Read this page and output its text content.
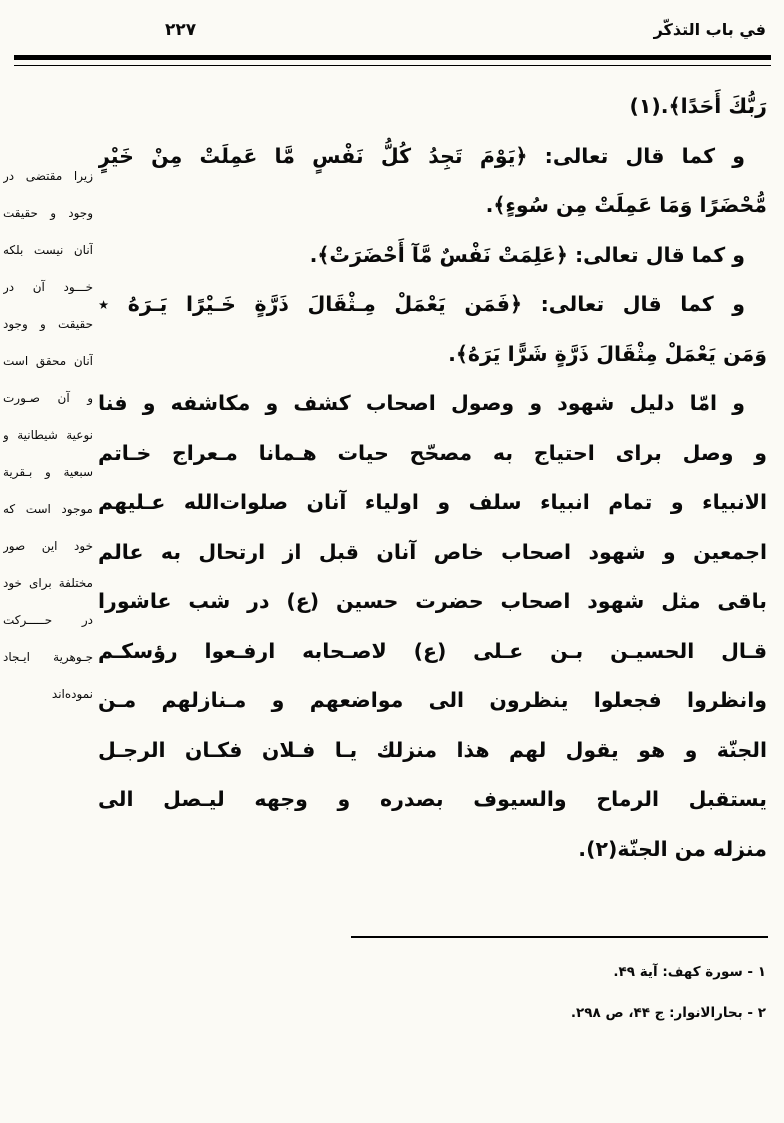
في باب التذكّر
۲۲۷
زيرا مقتضى در
وجود و حقيقت
آنان نيست بلكه
خـــود آن در
حقيقت و وجود
آنان محقق است
و آن صـورت
نوعية شيطانية و
سبعية و بـقرية
موجود است كه
خود اين صور
مختلفة براى خود
در حـــــركت
جـوهرية ايـجاد
نموده‌اند
رَبُّكَ أَحَدًا﴾.(١)
و كما قال تعالى: ﴿يَوْمَ تَجِدُ كُلُّ نَفْسٍ مَّا عَمِلَتْ مِنْ خَيْرٍ
مُّحْضَرًا وَمَا عَمِلَتْ مِن سُوءٍ﴾.
و كما قال تعالى: ﴿عَلِمَتْ نَفْسٌ مَّآ أَحْضَرَتْ﴾.
و كما قال تعالى: ﴿فَمَن يَعْمَلْ مِـثْقَالَ ذَرَّةٍ خَـيْرًا يَـرَهُ ٭
وَمَن يَعْمَلْ مِثْقَالَ ذَرَّةٍ شَرًّا يَرَهُ﴾.
و امّا دليل شهود و وصول اصحاب كشف و مكاشفه و فنا
و وصل براى احتياج به مصحّح حيات هـمانا مـعراج خـاتم
الانبياء و تمام انبياء سلف و اولياء آنان صلوات‌الله عـليهم
اجمعين و شهود اصحاب خاص آنان قبل از ارتحال به عالم
باقى مثل شهود اصحاب حضرت حسين (ع) در شب عاشورا
قـال الحسيـن بـن عـلى (ع) لاصـحابه ارفـعوا رؤسكـم
وانظروا فجعلوا ينظرون الى مواضعهم و مـنازلهم مـن
الجنّة و هو يقول لهم هذا منزلك يـا فـلان فكـان الرجـل
يستقبل الرماح والسيوف بصدره و وجهه ليـصل الى
منزله من الجنّة(٢).
١ - سورة كهف: آية ۴۹.
٢ - بحارالانوار: ج ۴۴، ص ۲۹۸.
